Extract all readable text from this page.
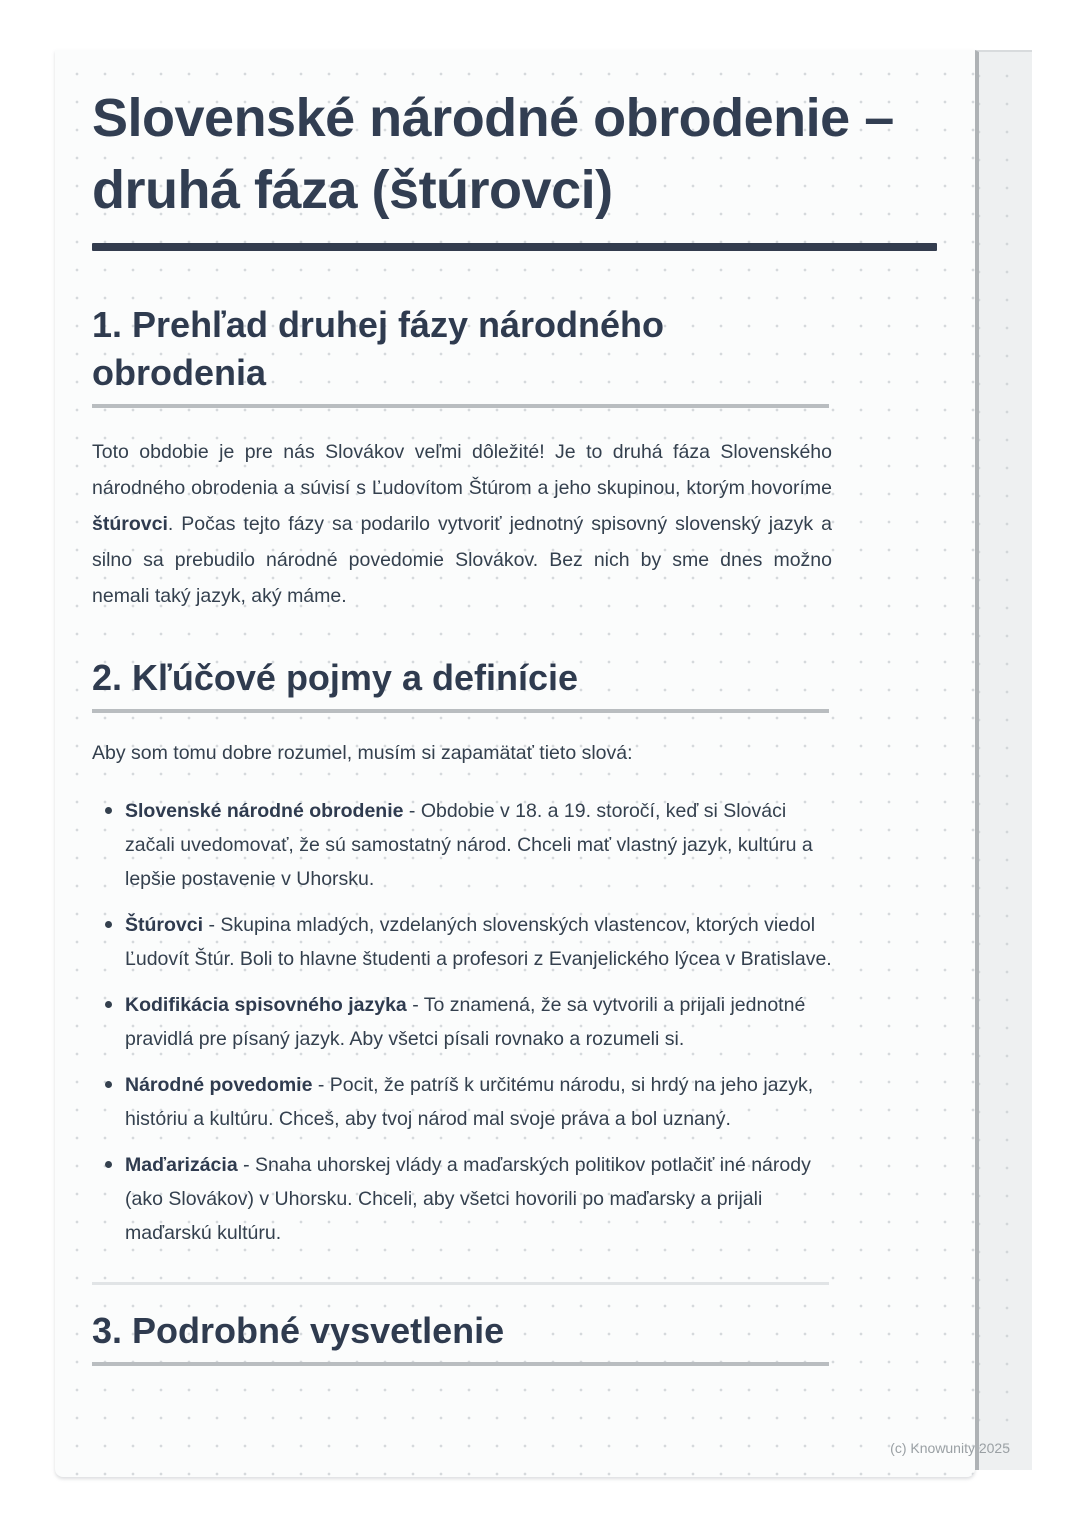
Slovenské národné obrodenie – druhá fáza (štúrovci)
1. Prehľad druhej fázy národného obrodenia

Toto obdobie je pre nás Slovákov veľmi dôležité! Je to druhá fáza Slovenského národného obrodenia a súvisí s Ľudovítom Štúrom a jeho skupinou, ktorým hovoríme štúrovci. Počas tejto fázy sa podarilo vytvoriť jednotný spisovný slovenský jazyk a silno sa prebudilo národné povedomie Slovákov. Bez nich by sme dnes možno nemali taký jazyk, aký máme.

2. Kľúčové pojmy a definície

Aby som tomu dobre rozumel, musím si zapamätať tieto slová:

Slovenské národné obrodenie - Obdobie v 18. a 19. storočí, keď si Slováci začali uvedomovať, že sú samostatný národ. Chceli mať vlastný jazyk, kultúru a lepšie postavenie v Uhorsku.
Štúrovci - Skupina mladých, vzdelaných slovenských vlastencov, ktorých viedol Ľudovít Štúr. Boli to hlavne študenti a profesori z Evanjelického lýcea v Bratislave.
Kodifikácia spisovného jazyka - To znamená, že sa vytvorili a prijali jednotné pravidlá pre písaný jazyk. Aby všetci písali rovnako a rozumeli si.
Národné povedomie - Pocit, že patríš k určitému národu, si hrdý na jeho jazyk, históriu a kultúru. Chceš, aby tvoj národ mal svoje práva a bol uznaný.
Maďarizácia - Snaha uhorskej vlády a maďarských politikov potlačiť iné národy (ako Slovákov) v Uhorsku. Chceli, aby všetci hovorili po maďarsky a prijali maďarskú kultúru.
3. Podrobné vysvetlenie
(c) Knowunity 2025
